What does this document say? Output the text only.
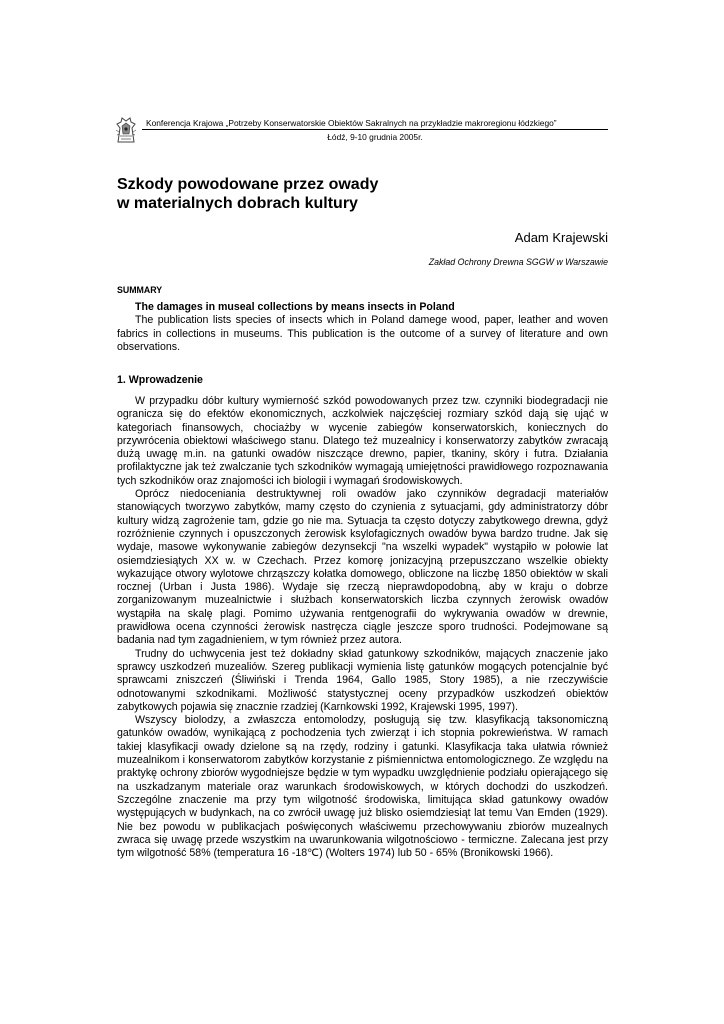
Konferencja Krajowa „Potrzeby Konserwatorskie Obiektów Sakralnych na przykładzie makroregionu łódzkiego”
Łódź, 9-10 grudnia 2005r.
Szkody powodowane przez owady
w materialnych dobrach kultury
Adam Krajewski
Zakład Ochrony Drewna SGGW w Warszawie
SUMMARY

The damages in museal collections by means insects in Poland

The publication lists species of insects which in Poland damege wood, paper, leather and woven fabrics in collections in museums. This publication is the outcome of a survey of literature and own observations.

1. Wprowadzenie

W przypadku dóbr kultury wymierność szkód powodowanych przez tzw. czynniki biodegradacji nie ogranicza się do efektów ekonomicznych, aczkolwiek najczęściej rozmiary szkód dają się ująć w kategoriach finansowych, chociażby w wycenie zabiegów konserwatorskich, koniecznych do przywrócenia obiektowi właściwego stanu. Dlatego też muzealnicy i konserwatorzy zabytków zwracają dużą uwagę m.in. na gatunki owadów niszczące drewno, papier, tkaniny, skóry i futra. Działania profilaktyczne jak też zwalczanie tych szkodników wymagają umiejętności prawidłowego rozpoznawania tych szkodników oraz znajomości ich biologii i wymagań środowiskowych.

Oprócz niedoceniania destruktywnej roli owadów jako czynników degradacji materiałów stanowiących tworzywo zabytków, mamy często do czynienia z sytuacjami, gdy administratorzy dóbr kultury widzą zagrożenie tam, gdzie go nie ma. Sytuacja ta często dotyczy zabytkowego drewna, gdyż rozróżnienie czynnych i opuszczonych żerowisk ksylofagicznych owadów bywa bardzo trudne. Jak się wydaje, masowe wykonywanie zabiegów dezynsekcji "na wszelki wypadek" wystąpiło w połowie lat osiemdziesiątych XX w. w Czechach. Przez komorę jonizacyjną przepuszczano wszelkie obiekty wykazujące otwory wylotowe chrząszczy kołatka domowego, obliczone na liczbę 1850 obiektów w skali rocznej (Urban i Justa 1986). Wydaje się rzeczą nieprawdopodobną, aby w kraju o dobrze zorganizowanym muzealnictwie i służbach konserwatorskich liczba czynnych żerowisk owadów wystąpiła na skalę plagi. Pomimo używania rentgenografii do wykrywania owadów w drewnie, prawidłowa ocena czynności żerowisk nastręcza ciągle jeszcze sporo trudności. Podejmowane są badania nad tym zagadnieniem, w tym również przez autora.

Trudny do uchwycenia jest też dokładny skład gatunkowy szkodników, mających znaczenie jako sprawcy uszkodzeń muzealiów. Szereg publikacji wymienia listę gatunków mogących potencjalnie być sprawcami zniszczeń (Śliwiński i Trenda 1964, Gallo 1985, Story 1985), a nie rzeczywiście odnotowanymi szkodnikami. Możliwość statystycznej oceny przypadków uszkodzeń obiektów zabytkowych pojawia się znacznie rzadziej (Karnkowski 1992, Krajewski 1995, 1997).

Wszyscy biolodzy, a zwłaszcza entomolodzy, posługują się tzw. klasyfikacją taksonomiczną gatunków owadów, wynikającą z pochodzenia tych zwierząt i ich stopnia pokrewieństwa. W ramach takiej klasyfikacji owady dzielone są na rzędy, rodziny i gatunki. Klasyfikacja taka ułatwia również muzealnikom i konserwatorom zabytków korzystanie z piśmiennictwa entomologicznego. Ze względu na praktykę ochrony zbiorów wygodniejsze będzie w tym wypadku uwzględnienie podziału opierającego się na uszkadzanym materiale oraz warunkach środowiskowych, w których dochodzi do uszkodzeń. Szczególne znaczenie ma przy tym wilgotność środowiska, limitująca skład gatunkowy owadów występujących w budynkach, na co zwrócił uwagę już blisko osiemdziesiąt lat temu Van Emden (1929). Nie bez powodu w publikacjach poświęconych właściwemu przechowywaniu zbiorów muzealnych zwraca się uwagę przede wszystkim na uwarunkowania wilgotnościowo - termiczne. Zalecana jest przy tym wilgotność 58% (temperatura 16 -18℃) (Wolters 1974) lub 50 - 65% (Bronikowski 1966).
